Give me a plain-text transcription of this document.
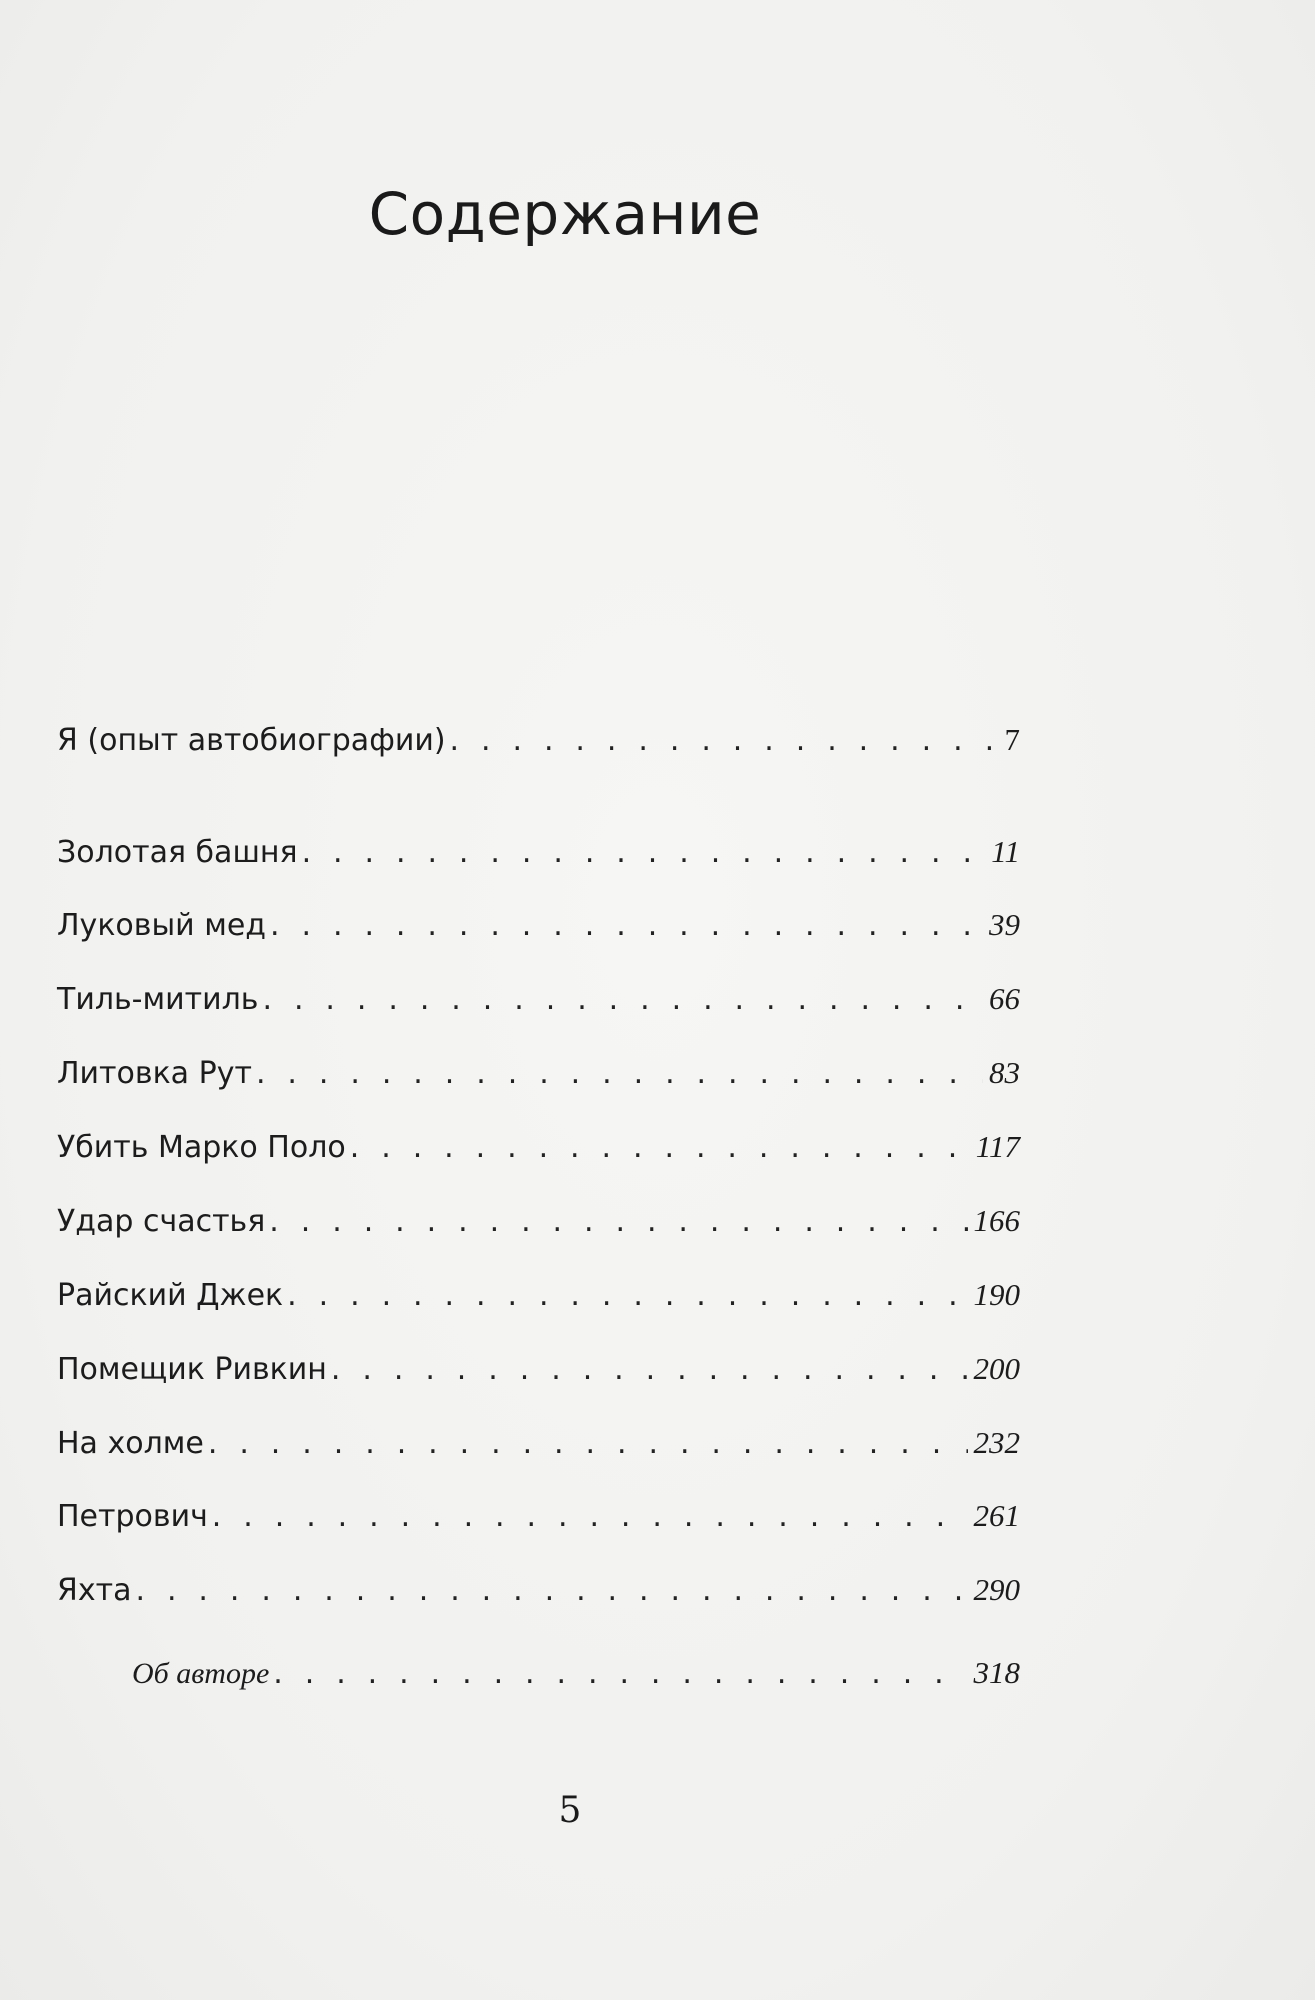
Содержание
Я (опыт автобиографии) . . .	7
Золотая башня . . .	11
Луковый мед . . .	39
Тиль-митиль . . .	66
Литовка Рут . . .	83
Убить Марко Поло . . .	117
Удар счастья . . .	166
Райский Джек . . .	190
Помещик Ривкин . . .	200
На холме . . .	232
Петрович . . .	261
Яхта . . .	290
Об авторе . . .	318
5
